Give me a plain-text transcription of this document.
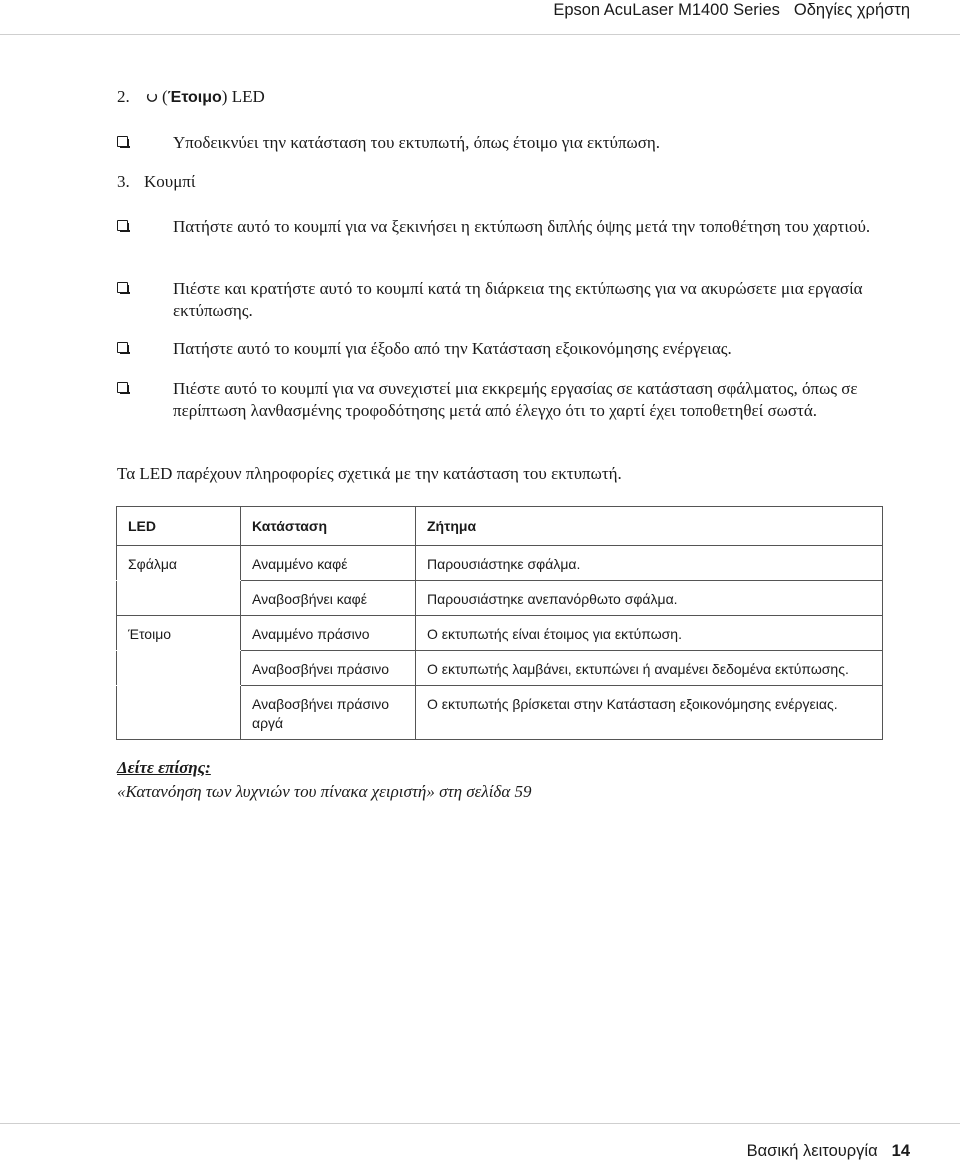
Epson AcuLaser M1400 Series Οδηγίες χρήστη
2. (Έτοιμο) LED
Υποδεικνύει την κατάσταση του εκτυπωτή, όπως έτοιμο για εκτύπωση.
3. Κουμπί
Πατήστε αυτό το κουμπί για να ξεκινήσει η εκτύπωση διπλής όψης μετά την τοποθέτηση του χαρτιού.
Πιέστε και κρατήστε αυτό το κουμπί κατά τη διάρκεια της εκτύπωσης για να ακυρώσετε μια εργασία εκτύπωσης.
Πατήστε αυτό το κουμπί για έξοδο από την Κατάσταση εξοικονόμησης ενέργειας.
Πιέστε αυτό το κουμπί για να συνεχιστεί μια εκκρεμής εργασίας σε κατάσταση σφάλματος, όπως σε περίπτωση λανθασμένης τροφοδότησης μετά από έλεγχο ότι το χαρτί έχει τοποθετηθεί σωστά.
Τα LED παρέχουν πληροφορίες σχετικά με την κατάσταση του εκτυπωτή.
LED	Κατάσταση	Ζήτημα
Σφάλμα	Αναμμένο καφέ	Παρουσιάστηκε σφάλμα.
	Αναβοσβήνει καφέ	Παρουσιάστηκε ανεπανόρθωτο σφάλμα.
Έτοιμο	Αναμμένο πράσινο	Ο εκτυπωτής είναι έτοιμος για εκτύπωση.
	Αναβοσβήνει πράσινο	Ο εκτυπωτής λαμβάνει, εκτυπώνει ή αναμένει δεδομένα εκτύπωσης.
	Αναβοσβήνει πράσινο αργά	Ο εκτυπωτής βρίσκεται στην Κατάσταση εξοικονόμησης ενέργειας.
Δείτε επίσης:
«Κατανόηση των λυχνιών του πίνακα χειριστή» στη σελίδα 59
Βασική λειτουργία 14
